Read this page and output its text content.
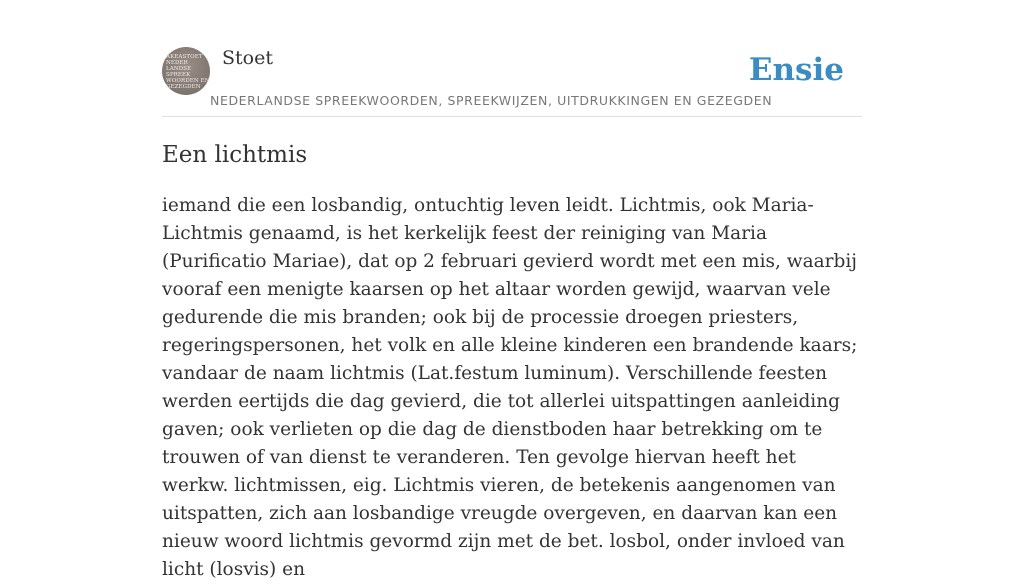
AKEASTOET
NEDER
LANDSE
SPREEK
WOORDEN EN
GEZEGDEN
Stoet
NEDERLANDSE SPREEKWOORDEN, SPREEKWIJZEN, UITDRUKKINGEN EN GEZEGDEN
Ensie
Een lichtmis

iemand die een losbandig, ontuchtig leven leidt. Lichtmis, ook Maria-Lichtmis genaamd, is het kerkelijk feest der reiniging van Maria (Purificatio Mariae), dat op 2 februari gevierd wordt met een mis, waarbij vooraf een menigte kaarsen op het altaar worden gewijd, waarvan vele gedurende die mis branden; ook bij de processie droegen priesters, regeringspersonen, het volk en alle kleine kinderen een brandende kaars; vandaar de naam lichtmis (Lat.festum luminum). Verschillende feesten werden eertijds die dag gevierd, die tot allerlei uitspattingen aanleiding gaven; ook verlieten op die dag de dienstboden haar betrekking om te trouwen of van dienst te veranderen. Ten gevolge hiervan heeft het werkw. lichtmissen, eig. Lichtmis vieren, de betekenis aangenomen van uitspatten, zich aan losbandige vreugde overgeven, en daarvan kan een nieuw woord lichtmis gevormd zijn met de bet. losbol, onder invloed van licht (losvis) en
